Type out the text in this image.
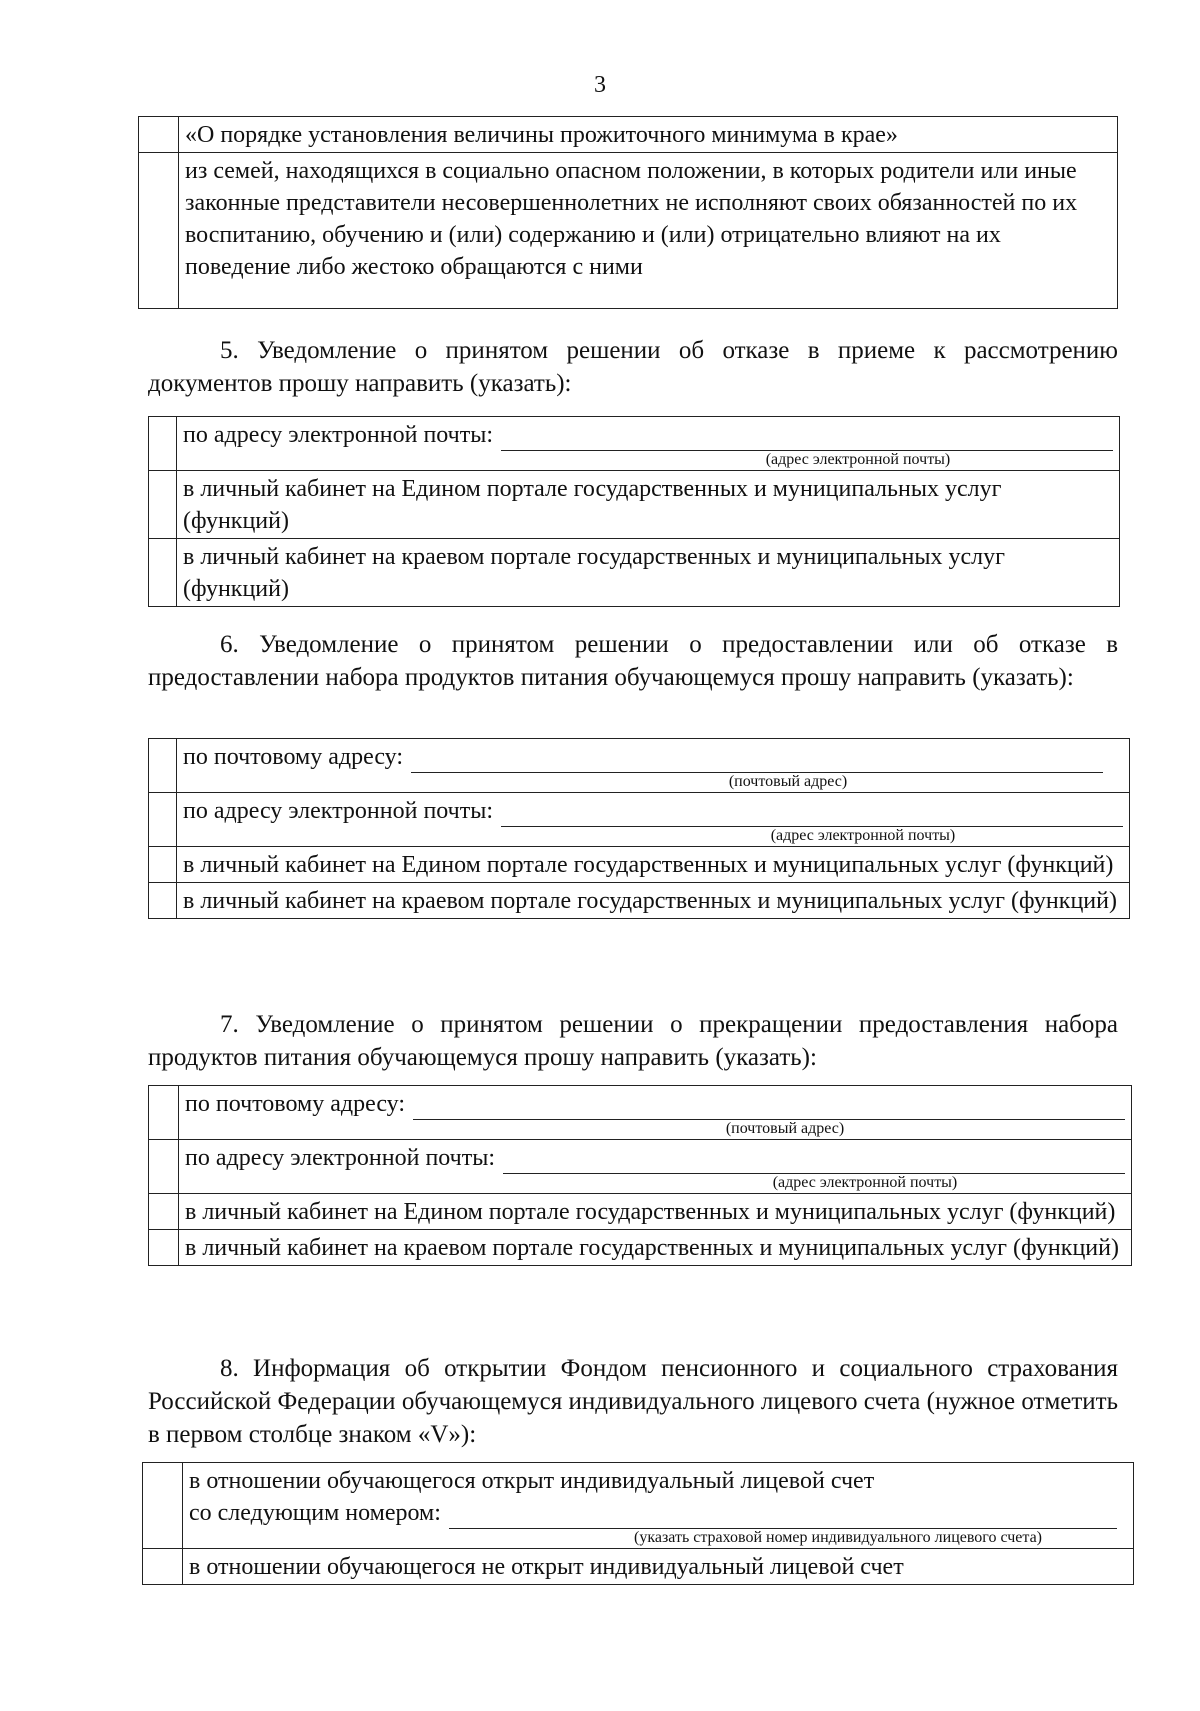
3
	«О порядке установления величины прожиточного минимума в крае»
	из семей, находящихся в социально опасном положении, в которых родители или иные законные представители несовершеннолетних не исполняют своих обязанностей по их воспитанию, обучению и (или) содержанию и (или) отрицательно влияют на их поведение либо жестоко обращаются с ними
5. Уведомление о принятом решении об отказе в приеме к рассмотрению документов прошу направить (указать):

	по адресу электронной почты:
(адрес электронной почты)

	в личный кабинет на Едином портале государственных и муниципальных услуг (функций)
	в личный кабинет на краевом портале государственных и муниципальных услуг (функций)
6. Уведомление о принятом решении о предоставлении или об отказе в предоставлении набора продуктов питания обучающемуся прошу направить (указать):

	по почтовому адресу:
(почтовый адрес)

	по адресу электронной почты:
(адрес электронной почты)

	в личный кабинет на Едином портале государственных и муниципальных услуг (функций)
	в личный кабинет на краевом портале государственных и муниципальных услуг (функций)
7. Уведомление о принятом решении о прекращении предоставления набора продуктов питания обучающемуся прошу направить (указать):

	по почтовому адресу:
(почтовый адрес)

	по адресу электронной почты:
(адрес электронной почты)

	в личный кабинет на Едином портале государственных и муниципальных услуг (функций)
	в личный кабинет на краевом портале государственных и муниципальных услуг (функций)
8. Информация об открытии Фондом пенсионного и социального страхования Российской Федерации обучающемуся индивидуального лицевого счета (нужное отметить в первом столбце знаком «V»):

	в отношении обучающегося открыт индивидуальный лицевой счет
со следующим номером:
(указать страховой номер индивидуального лицевого счета)

	в отношении обучающегося не открыт индивидуальный лицевой счет
